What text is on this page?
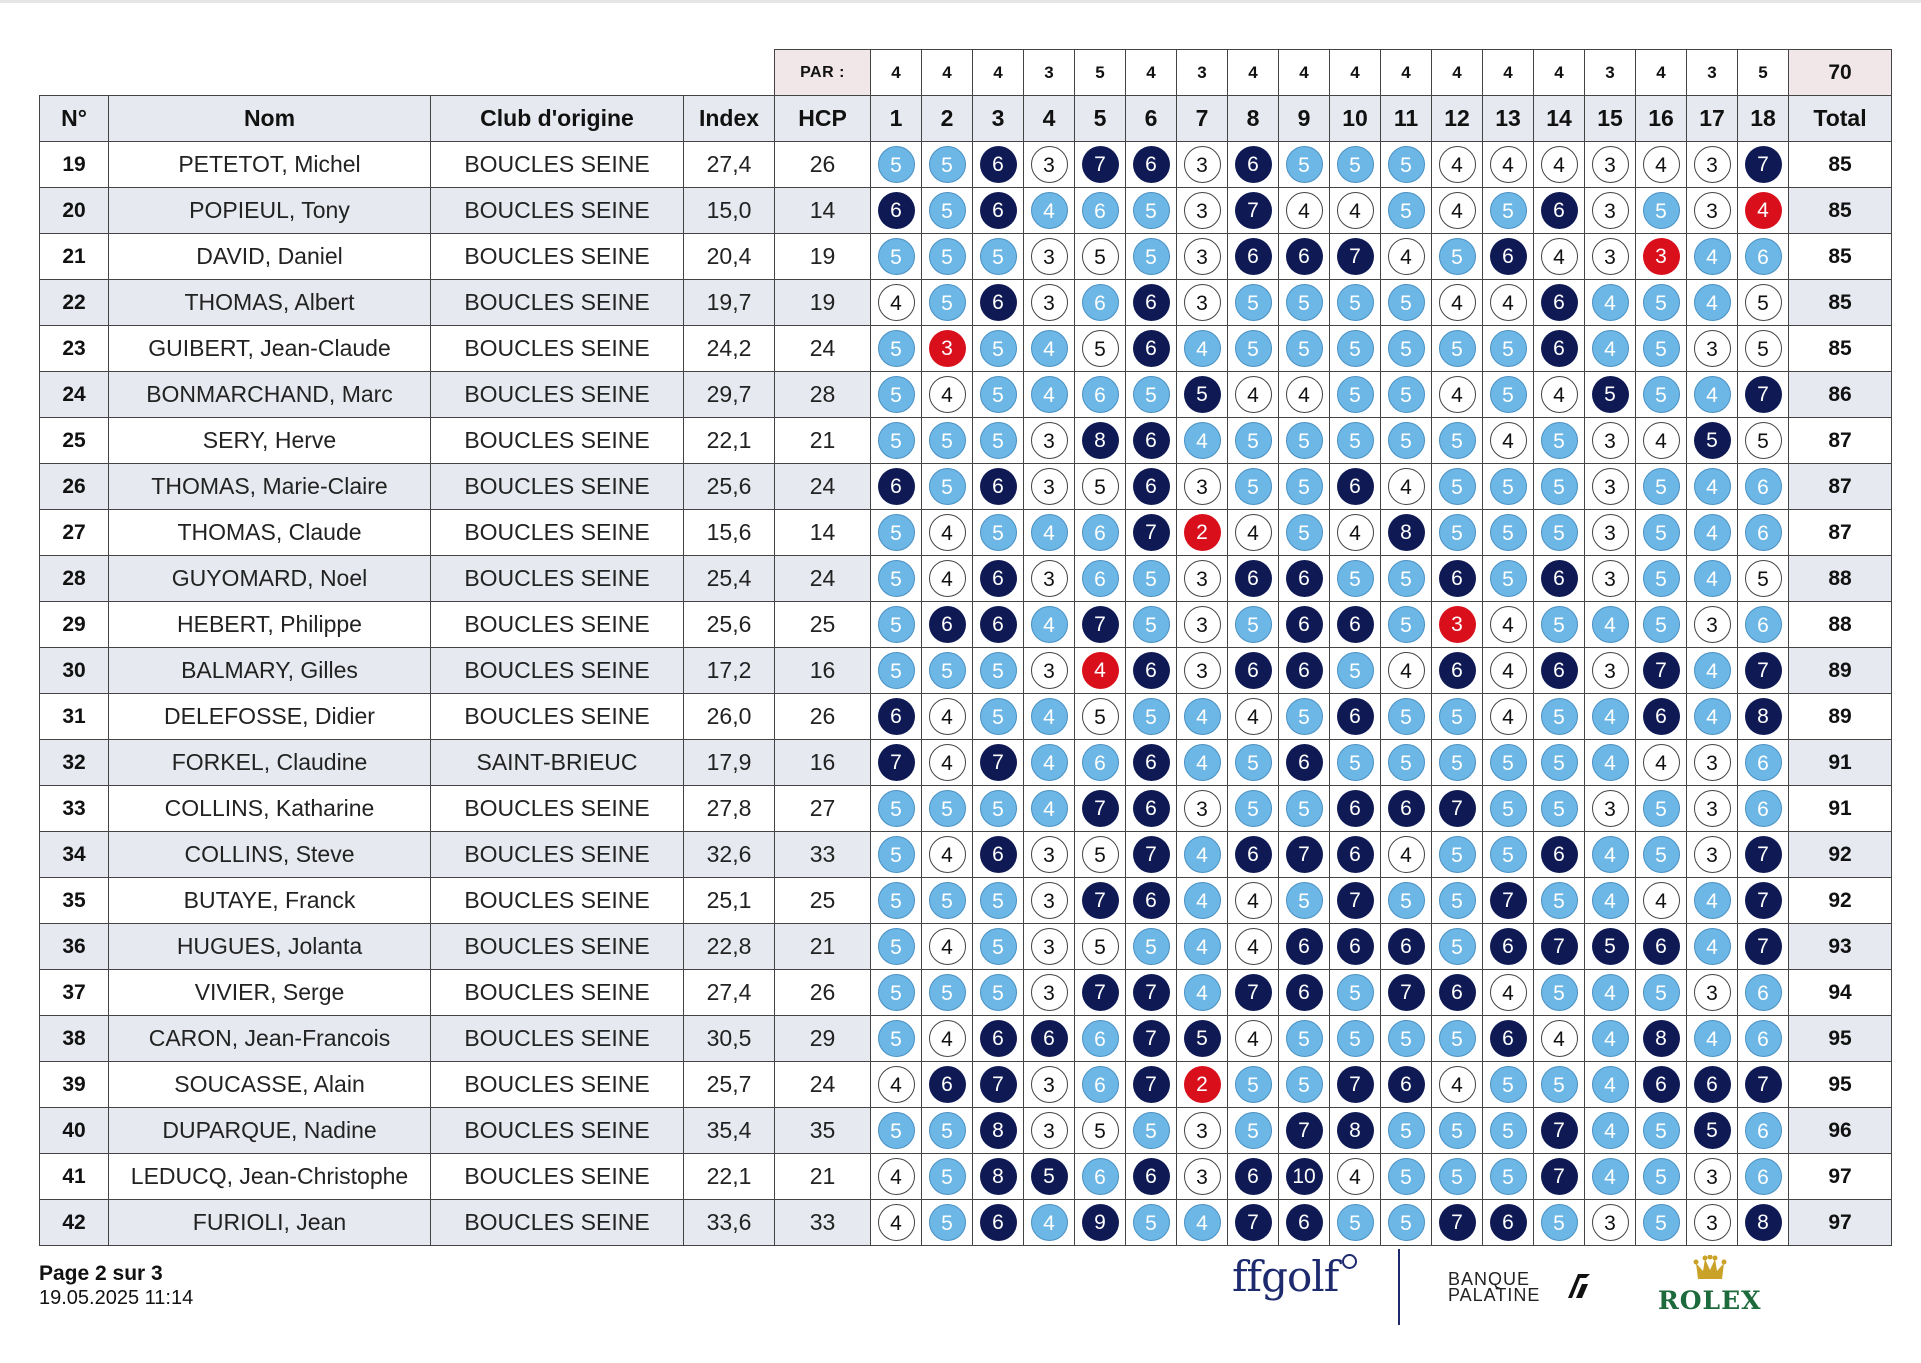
				PAR :	4	4	4	3	5	4	3	4	4	4	4	4	4	4	3	4	3	5	70
N°	Nom	Club d'origine	Index	HCP	1	2	3	4	5	6	7	8	9	10	11	12	13	14	15	16	17	18	Total
19	PETETOT, Michel	BOUCLES SEINE	27,4	26	5	5	6	3	7	6	3	6	5	5	5	4	4	4	3	4	3	7	85
20	POPIEUL, Tony	BOUCLES SEINE	15,0	14	6	5	6	4	6	5	3	7	4	4	5	4	5	6	3	5	3	4	85
21	DAVID, Daniel	BOUCLES SEINE	20,4	19	5	5	5	3	5	5	3	6	6	7	4	5	6	4	3	3	4	6	85
22	THOMAS, Albert	BOUCLES SEINE	19,7	19	4	5	6	3	6	6	3	5	5	5	5	4	4	6	4	5	4	5	85
23	GUIBERT, Jean-Claude	BOUCLES SEINE	24,2	24	5	3	5	4	5	6	4	5	5	5	5	5	5	6	4	5	3	5	85
24	BONMARCHAND, Marc	BOUCLES SEINE	29,7	28	5	4	5	4	6	5	5	4	4	5	5	4	5	4	5	5	4	7	86
25	SERY, Herve	BOUCLES SEINE	22,1	21	5	5	5	3	8	6	4	5	5	5	5	5	4	5	3	4	5	5	87
26	THOMAS, Marie-Claire	BOUCLES SEINE	25,6	24	6	5	6	3	5	6	3	5	5	6	4	5	5	5	3	5	4	6	87
27	THOMAS, Claude	BOUCLES SEINE	15,6	14	5	4	5	4	6	7	2	4	5	4	8	5	5	5	3	5	4	6	87
28	GUYOMARD, Noel	BOUCLES SEINE	25,4	24	5	4	6	3	6	5	3	6	6	5	5	6	5	6	3	5	4	5	88
29	HEBERT, Philippe	BOUCLES SEINE	25,6	25	5	6	6	4	7	5	3	5	6	6	5	3	4	5	4	5	3	6	88
30	BALMARY, Gilles	BOUCLES SEINE	17,2	16	5	5	5	3	4	6	3	6	6	5	4	6	4	6	3	7	4	7	89
31	DELEFOSSE, Didier	BOUCLES SEINE	26,0	26	6	4	5	4	5	5	4	4	5	6	5	5	4	5	4	6	4	8	89
32	FORKEL, Claudine	SAINT-BRIEUC	17,9	16	7	4	7	4	6	6	4	5	6	5	5	5	5	5	4	4	3	6	91
33	COLLINS, Katharine	BOUCLES SEINE	27,8	27	5	5	5	4	7	6	3	5	5	6	6	7	5	5	3	5	3	6	91
34	COLLINS, Steve	BOUCLES SEINE	32,6	33	5	4	6	3	5	7	4	6	7	6	4	5	5	6	4	5	3	7	92
35	BUTAYE, Franck	BOUCLES SEINE	25,1	25	5	5	5	3	7	6	4	4	5	7	5	5	7	5	4	4	4	7	92
36	HUGUES, Jolanta	BOUCLES SEINE	22,8	21	5	4	5	3	5	5	4	4	6	6	6	5	6	7	5	6	4	7	93
37	VIVIER, Serge	BOUCLES SEINE	27,4	26	5	5	5	3	7	7	4	7	6	5	7	6	4	5	4	5	3	6	94
38	CARON, Jean-Francois	BOUCLES SEINE	30,5	29	5	4	6	6	6	7	5	4	5	5	5	5	6	4	4	8	4	6	95
39	SOUCASSE, Alain	BOUCLES SEINE	25,7	24	4	6	7	3	6	7	2	5	5	7	6	4	5	5	4	6	6	7	95
40	DUPARQUE, Nadine	BOUCLES SEINE	35,4	35	5	5	8	3	5	5	3	5	7	8	5	5	5	7	4	5	5	6	96
41	LEDUCQ, Jean-Christophe	BOUCLES SEINE	22,1	21	4	5	8	5	6	6	3	6	10	4	5	5	5	7	4	5	3	6	97
42	FURIOLI, Jean	BOUCLES SEINE	33,6	33	4	5	6	4	9	5	4	7	6	5	5	7	6	5	3	5	3	8	97
Page 2 sur 3
19.05.2025 11:14	ffgolf	BANQUE
PALATINE	ROLEX
